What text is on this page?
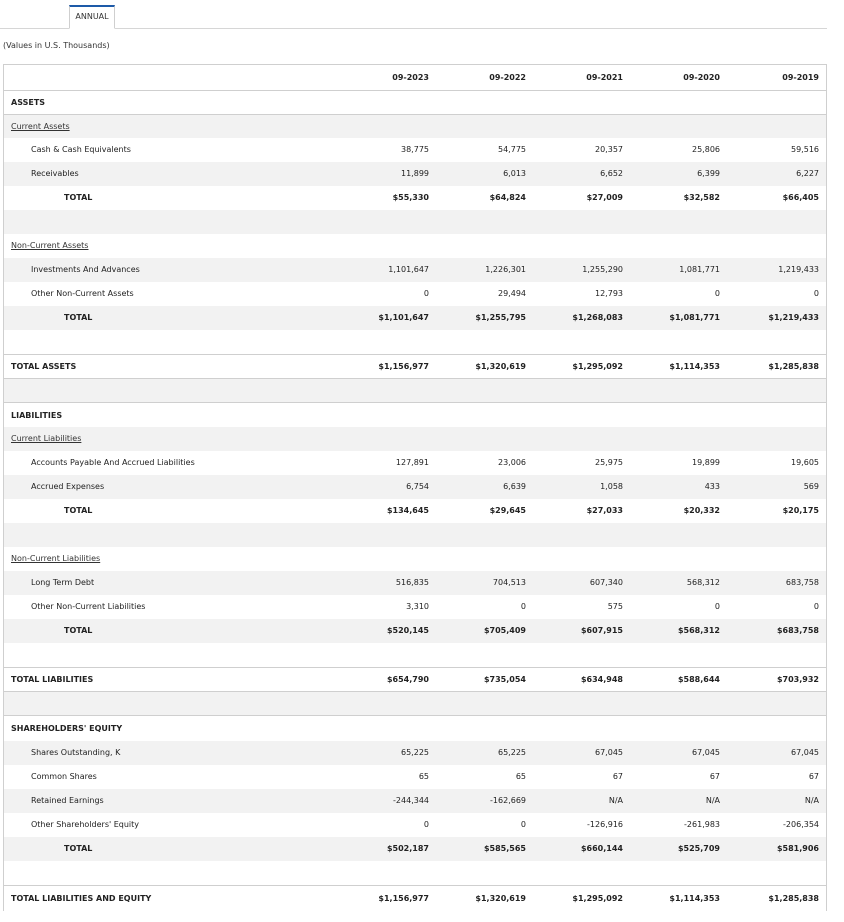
ANNUAL
(Values in U.S. Thousands)
09-2023	09-2022	09-2021	09-2020	09-2019
ASSETS
Current Assets
Cash & Cash Equivalents	38,775	54,775	20,357	25,806	59,516
Receivables	11,899	6,013	6,652	6,399	6,227
TOTAL	$55,330	$64,824	$27,009	$32,582	$66,405
Non-Current Assets
Investments And Advances	1,101,647	1,226,301	1,255,290	1,081,771	1,219,433
Other Non-Current Assets	0	29,494	12,793	0	0
TOTAL	$1,101,647	$1,255,795	$1,268,083	$1,081,771	$1,219,433
TOTAL ASSETS	$1,156,977	$1,320,619	$1,295,092	$1,114,353	$1,285,838
LIABILITIES
Current Liabilities
Accounts Payable And Accrued Liabilities	127,891	23,006	25,975	19,899	19,605
Accrued Expenses	6,754	6,639	1,058	433	569
TOTAL	$134,645	$29,645	$27,033	$20,332	$20,175
Non-Current Liabilities
Long Term Debt	516,835	704,513	607,340	568,312	683,758
Other Non-Current Liabilities	3,310	0	575	0	0
TOTAL	$520,145	$705,409	$607,915	$568,312	$683,758
TOTAL LIABILITIES	$654,790	$735,054	$634,948	$588,644	$703,932
SHAREHOLDERS' EQUITY
Shares Outstanding, K	65,225	65,225	67,045	67,045	67,045
Common Shares	65	65	67	67	67
Retained Earnings	-244,344	-162,669	N/A	N/A	N/A
Other Shareholders' Equity	0	0	-126,916	-261,983	-206,354
TOTAL	$502,187	$585,565	$660,144	$525,709	$581,906
TOTAL LIABILITIES AND EQUITY	$1,156,977	$1,320,619	$1,295,092	$1,114,353	$1,285,838
